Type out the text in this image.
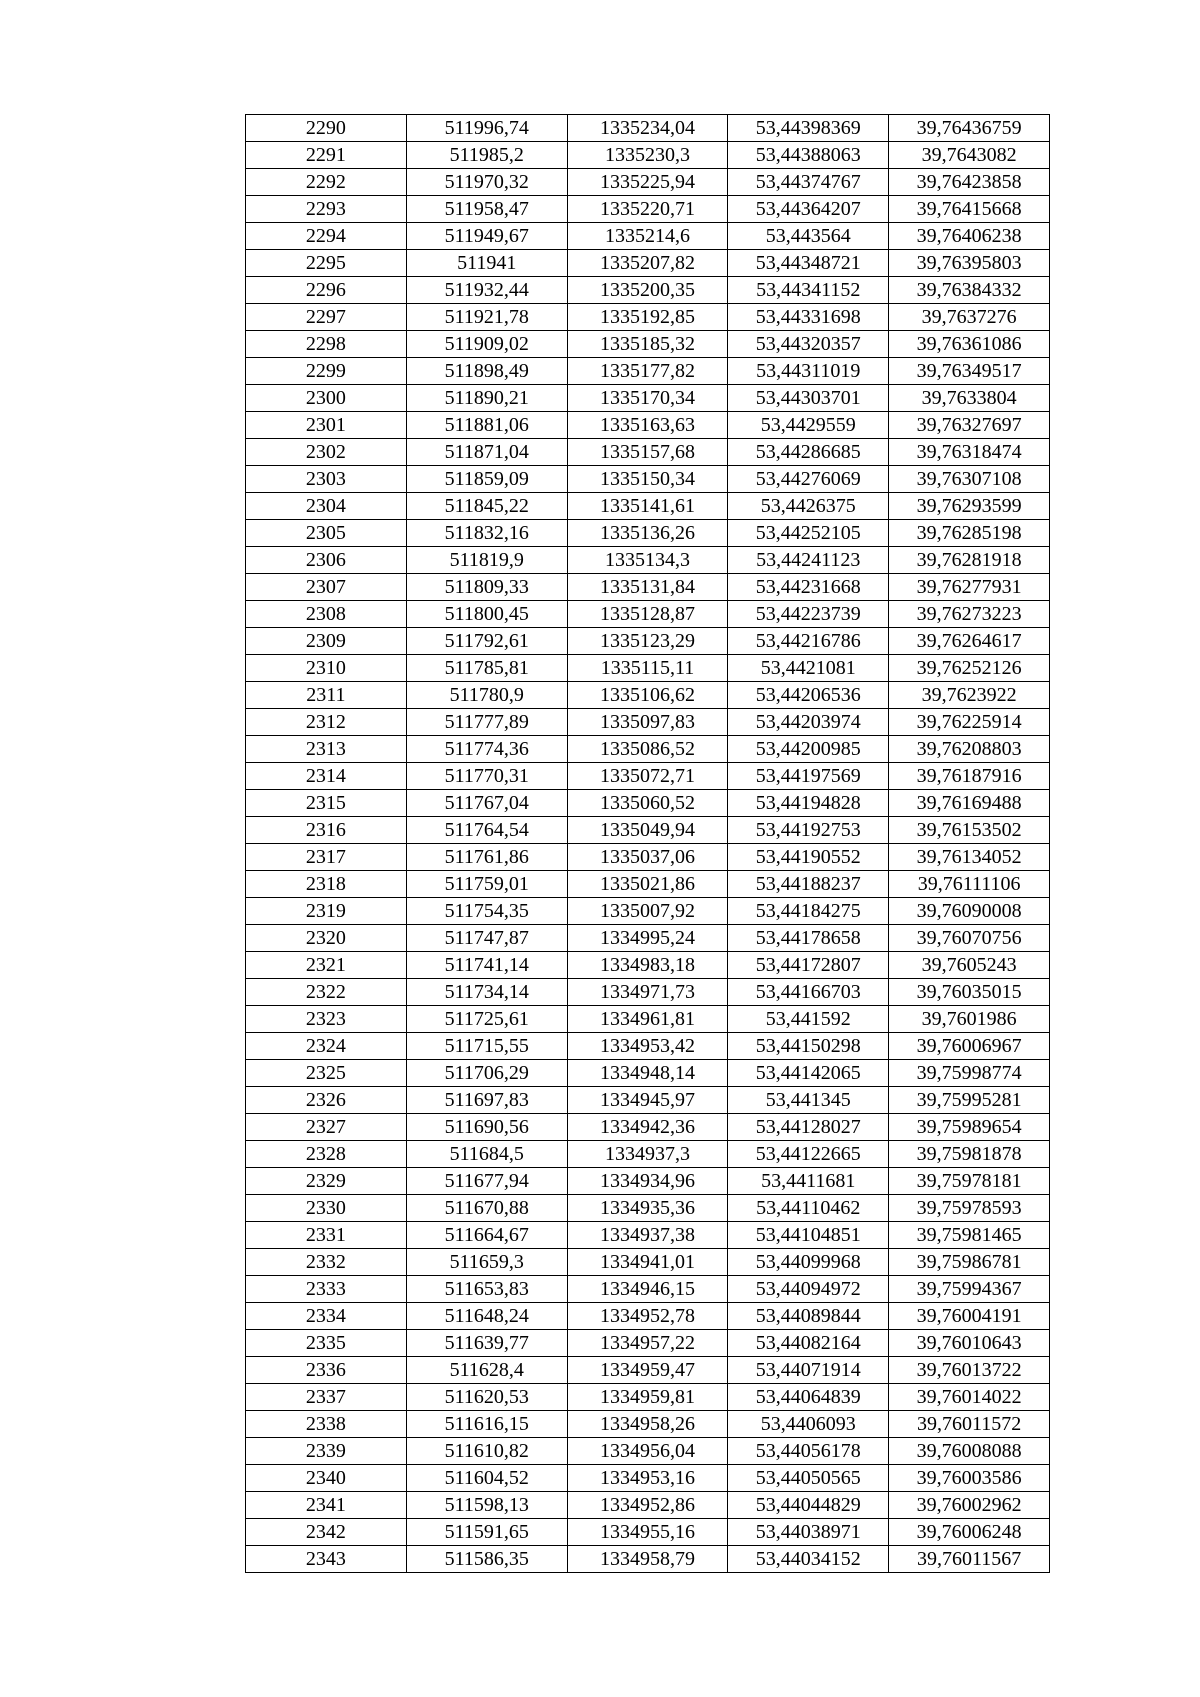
2290	511996,74	1335234,04	53,44398369	39,76436759
2291	511985,2	1335230,3	53,44388063	39,7643082
2292	511970,32	1335225,94	53,44374767	39,76423858
2293	511958,47	1335220,71	53,44364207	39,76415668
2294	511949,67	1335214,6	53,443564	39,76406238
2295	511941	1335207,82	53,44348721	39,76395803
2296	511932,44	1335200,35	53,44341152	39,76384332
2297	511921,78	1335192,85	53,44331698	39,7637276
2298	511909,02	1335185,32	53,44320357	39,76361086
2299	511898,49	1335177,82	53,44311019	39,76349517
2300	511890,21	1335170,34	53,44303701	39,7633804
2301	511881,06	1335163,63	53,4429559	39,76327697
2302	511871,04	1335157,68	53,44286685	39,76318474
2303	511859,09	1335150,34	53,44276069	39,76307108
2304	511845,22	1335141,61	53,4426375	39,76293599
2305	511832,16	1335136,26	53,44252105	39,76285198
2306	511819,9	1335134,3	53,44241123	39,76281918
2307	511809,33	1335131,84	53,44231668	39,76277931
2308	511800,45	1335128,87	53,44223739	39,76273223
2309	511792,61	1335123,29	53,44216786	39,76264617
2310	511785,81	1335115,11	53,4421081	39,76252126
2311	511780,9	1335106,62	53,44206536	39,7623922
2312	511777,89	1335097,83	53,44203974	39,76225914
2313	511774,36	1335086,52	53,44200985	39,76208803
2314	511770,31	1335072,71	53,44197569	39,76187916
2315	511767,04	1335060,52	53,44194828	39,76169488
2316	511764,54	1335049,94	53,44192753	39,76153502
2317	511761,86	1335037,06	53,44190552	39,76134052
2318	511759,01	1335021,86	53,44188237	39,76111106
2319	511754,35	1335007,92	53,44184275	39,76090008
2320	511747,87	1334995,24	53,44178658	39,76070756
2321	511741,14	1334983,18	53,44172807	39,7605243
2322	511734,14	1334971,73	53,44166703	39,76035015
2323	511725,61	1334961,81	53,441592	39,7601986
2324	511715,55	1334953,42	53,44150298	39,76006967
2325	511706,29	1334948,14	53,44142065	39,75998774
2326	511697,83	1334945,97	53,441345	39,75995281
2327	511690,56	1334942,36	53,44128027	39,75989654
2328	511684,5	1334937,3	53,44122665	39,75981878
2329	511677,94	1334934,96	53,4411681	39,75978181
2330	511670,88	1334935,36	53,44110462	39,75978593
2331	511664,67	1334937,38	53,44104851	39,75981465
2332	511659,3	1334941,01	53,44099968	39,75986781
2333	511653,83	1334946,15	53,44094972	39,75994367
2334	511648,24	1334952,78	53,44089844	39,76004191
2335	511639,77	1334957,22	53,44082164	39,76010643
2336	511628,4	1334959,47	53,44071914	39,76013722
2337	511620,53	1334959,81	53,44064839	39,76014022
2338	511616,15	1334958,26	53,4406093	39,76011572
2339	511610,82	1334956,04	53,44056178	39,76008088
2340	511604,52	1334953,16	53,44050565	39,76003586
2341	511598,13	1334952,86	53,44044829	39,76002962
2342	511591,65	1334955,16	53,44038971	39,76006248
2343	511586,35	1334958,79	53,44034152	39,76011567
